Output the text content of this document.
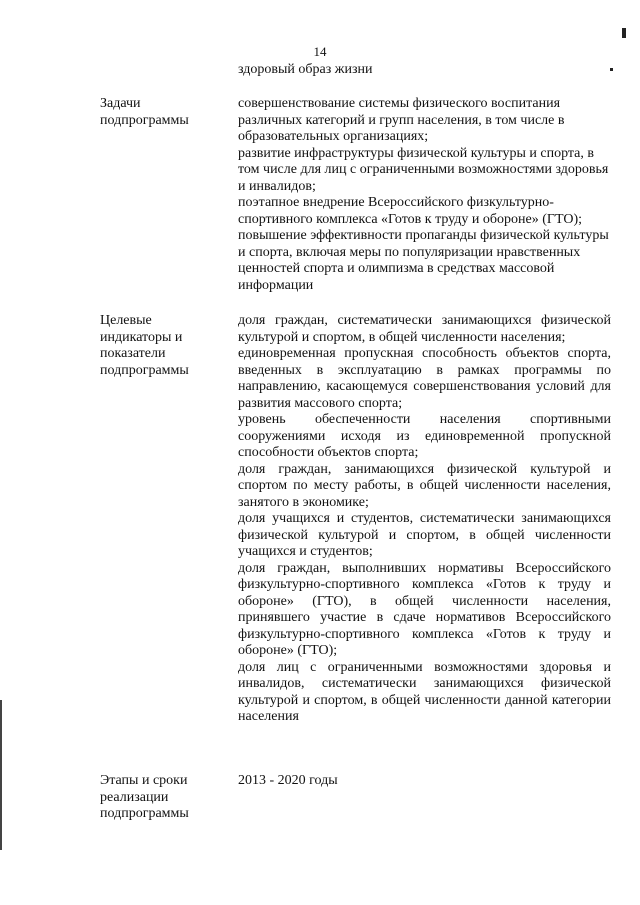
14
здоровый образ жизни
Задачи
подпрограммы

совершенствование системы физического воспитания различных категорий и групп населения, в том числе в образовательных организациях;

развитие инфраструктуры физической культуры и спорта, в том числе для лиц с ограниченными возможностями здоровья и инвалидов;

поэтапное внедрение Всероссийского физкультурно-спортивного комплекса «Готов к труду и обороне» (ГТО);

повышение эффективности пропаганды физической культуры и спорта, включая меры по популяризации нравственных ценностей спорта и олимпизма в средствах массовой информации

Целевые
индикаторы и
показатели
подпрограммы

доля граждан, систематически занимающихся физической культурой и спортом, в общей численности населения;

единовременная пропускная способность объектов спорта, введенных в эксплуатацию в рамках программы по направлению, касающемуся совершенствования условий для развития массового спорта;

уровень обеспеченности населения спортивными сооружениями исходя из единовременной пропускной способности объектов спорта;

доля граждан, занимающихся физической культурой и спортом по месту работы, в общей численности населения, занятого в экономике;

доля учащихся и студентов, систематически занимающихся физической культурой и спортом, в общей численности учащихся и студентов;

доля граждан, выполнивших нормативы Всероссийского физкультурно-спортивного комплекса «Готов к труду и обороне» (ГТО), в общей численности населения, принявшего участие в сдаче нормативов Всероссийского физкультурно-спортивного комплекса «Готов к труду и обороне» (ГТО);

доля лиц с ограниченными возможностями здоровья и инвалидов, систематически занимающихся физической культурой и спортом, в общей численности данной категории населения

Этапы и сроки
реализации
подпрограммы

2013 - 2020 годы
